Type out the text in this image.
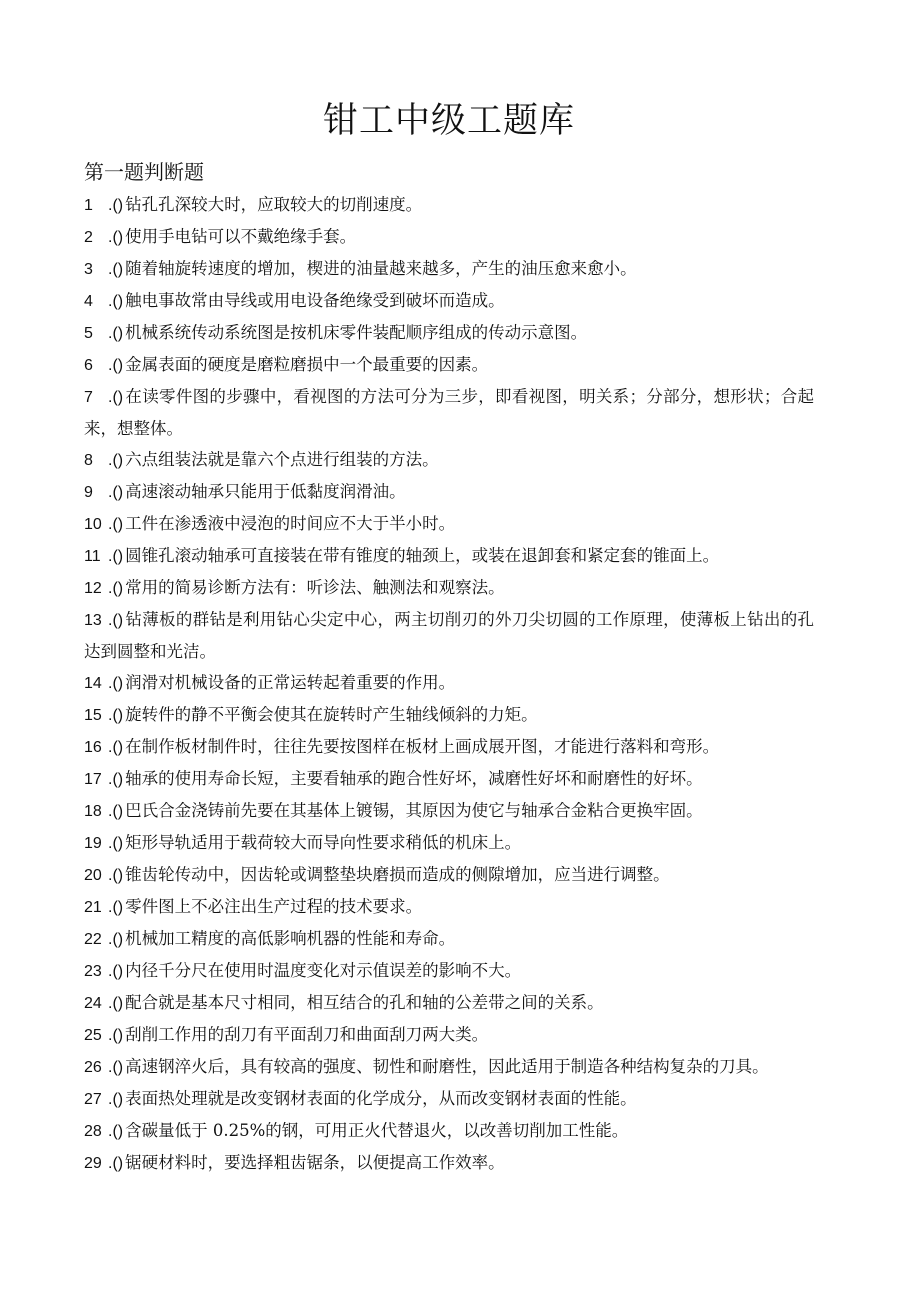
钳工中级工题库
第一题判断题
1 .() 钻孔孔深较大时，应取较大的切削速度。
2 .() 使用手电钻可以不戴绝缘手套。
3 .() 随着轴旋转速度的增加，楔进的油量越来越多，产生的油压愈来愈小。
4 .() 触电事故常由导线或用电设备绝缘受到破坏而造成。
5 .() 机械系统传动系统图是按机床零件装配顺序组成的传动示意图。
6 .() 金属表面的硬度是磨粒磨损中一个最重要的因素。
7 .() 在读零件图的步骤中，看视图的方法可分为三步，即看视图，明关系；分部分，想形状；合起来，想整体。
8 .() 六点组装法就是靠六个点进行组装的方法。
9 .() 高速滚动轴承只能用于低黏度润滑油。
10 .() 工件在渗透液中浸泡的时间应不大于半小时。
11 .() 圆锥孔滚动轴承可直接装在带有锥度的轴颈上，或装在退卸套和紧定套的锥面上。
12 .() 常用的简易诊断方法有：听诊法、触测法和观察法。
13 .() 钻薄板的群钻是利用钻心尖定中心，两主切削刃的外刀尖切圆的工作原理，使薄板上钻出的孔达到圆整和光洁。
14 .() 润滑对机械设备的正常运转起着重要的作用。
15 .() 旋转件的静不平衡会使其在旋转时产生轴线倾斜的力矩。
16 .() 在制作板材制件时，往往先要按图样在板材上画成展开图，才能进行落料和弯形。
17 .() 轴承的使用寿命长短，主要看轴承的跑合性好坏，减磨性好坏和耐磨性的好坏。
18 .() 巴氏合金浇铸前先要在其基体上镀锡，其原因为使它与轴承合金粘合更换牢固。
19 .() 矩形导轨适用于载荷较大而导向性要求稍低的机床上。
20 .() 锥齿轮传动中，因齿轮或调整垫块磨损而造成的侧隙增加，应当进行调整。
21 .() 零件图上不必注出生产过程的技术要求。
22 .() 机械加工精度的高低影响机器的性能和寿命。
23 .() 内径千分尺在使用时温度变化对示值误差的影响不大。
24 .() 配合就是基本尺寸相同，相互结合的孔和轴的公差带之间的关系。
25 .() 刮削工作用的刮刀有平面刮刀和曲面刮刀两大类。
26 .() 高速钢淬火后，具有较高的强度、韧性和耐磨性，因此适用于制造各种结构复杂的刀具。
27 .() 表面热处理就是改变钢材表面的化学成分，从而改变钢材表面的性能。
28 .() 含碳量低于 0.25%的钢，可用正火代替退火，以改善切削加工性能。
29 .() 锯硬材料时，要选择粗齿锯条，以便提高工作效率。
